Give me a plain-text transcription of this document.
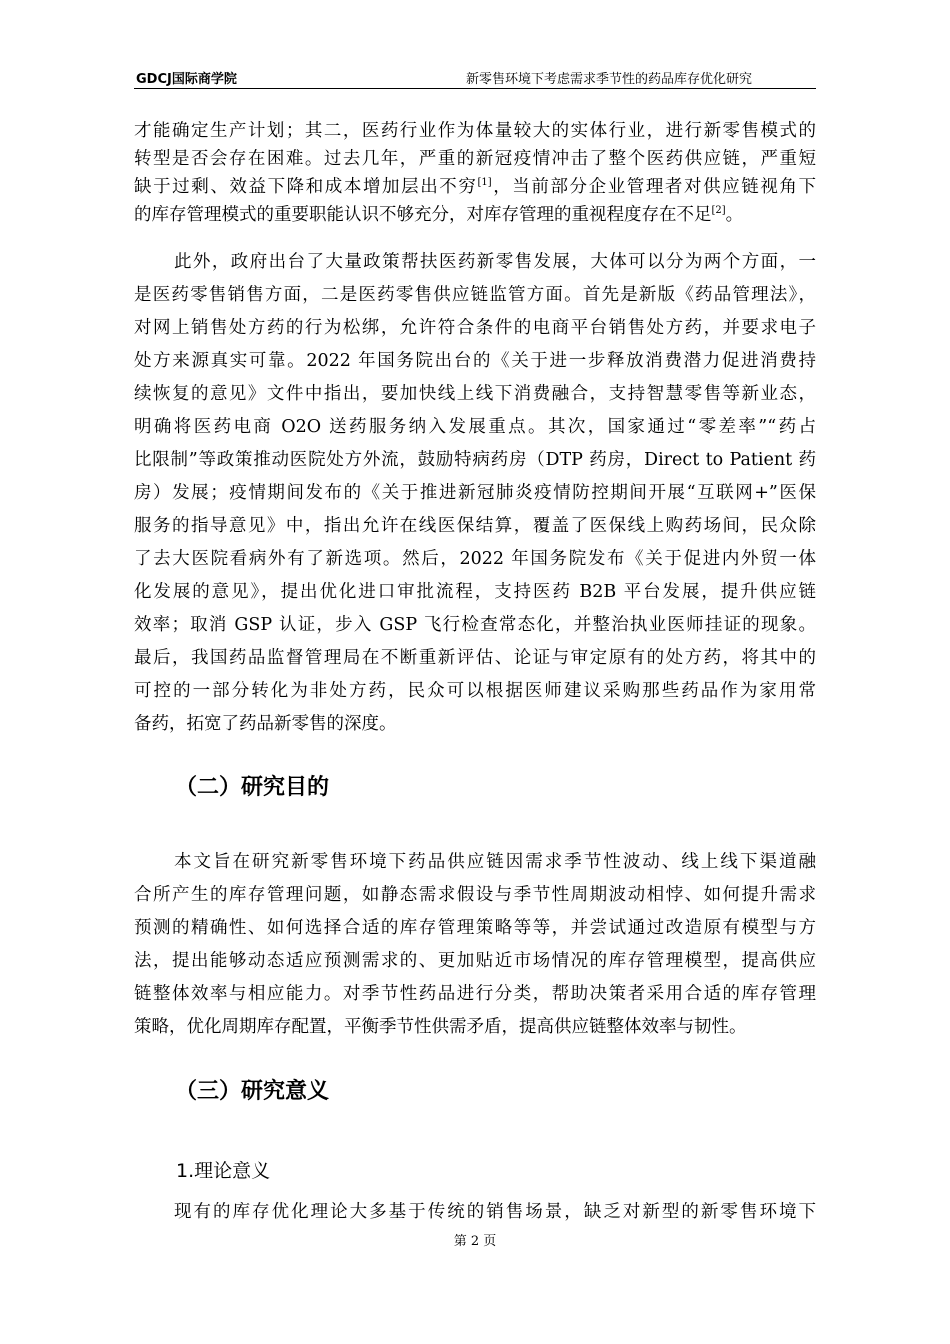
GDCJ国际商学院	新零售环境下考虑需求季节性的药品库存优化研究
才能确定生产计划；其二，医药行业作为体量较大的实体行业，进行新零售模式的
转型是否会存在困难。过去几年，严重的新冠疫情冲击了整个医药供应链，严重短
缺于过剩、效益下降和成本增加层出不穷[1]，当前部分企业管理者对供应链视角下
的库存管理模式的重要职能认识不够充分，对库存管理的重视程度存在不足[2]。
此外，政府出台了大量政策帮扶医药新零售发展，大体可以分为两个方面，一
是医药零售销售方面，二是医药零售供应链监管方面。首先是新版《药品管理法》，
对网上销售处方药的行为松绑，允许符合条件的电商平台销售处方药，并要求电子
处方来源真实可靠。2022 年国务院出台的《关于进一步释放消费潜力促进消费持
续恢复的意见》文件中指出，要加快线上线下消费融合，支持智慧零售等新业态，
明确将医药电商 O2O 送药服务纳入发展重点。其次，国家通过“零差率”“药占
比限制”等政策推动医院处方外流，鼓励特病药房（DTP 药房，Direct to Patient 药
房）发展；疫情期间发布的《关于推进新冠肺炎疫情防控期间开展“互联网+”医保
服务的指导意见》中，指出允许在线医保结算，覆盖了医保线上购药场间，民众除
了去大医院看病外有了新选项。然后，2022 年国务院发布《关于促进内外贸一体
化发展的意见》，提出优化进口审批流程，支持医药 B2B 平台发展，提升供应链
效率；取消 GSP 认证，步入 GSP 飞行检查常态化，并整治执业医师挂证的现象。
最后，我国药品监督管理局在不断重新评估、论证与审定原有的处方药，将其中的
可控的一部分转化为非处方药，民众可以根据医师建议采购那些药品作为家用常
备药，拓宽了药品新零售的深度。
（二）研究目的
本文旨在研究新零售环境下药品供应链因需求季节性波动、线上线下渠道融
合所产生的库存管理问题，如静态需求假设与季节性周期波动相悖、如何提升需求
预测的精确性、如何选择合适的库存管理策略等等，并尝试通过改造原有模型与方
法，提出能够动态适应预测需求的、更加贴近市场情况的库存管理模型，提高供应
链整体效率与相应能力。对季节性药品进行分类，帮助决策者采用合适的库存管理
策略，优化周期库存配置，平衡季节性供需矛盾，提高供应链整体效率与韧性。
（三）研究意义
1.理论意义
现有的库存优化理论大多基于传统的销售场景，缺乏对新型的新零售环境下
第 2 页
